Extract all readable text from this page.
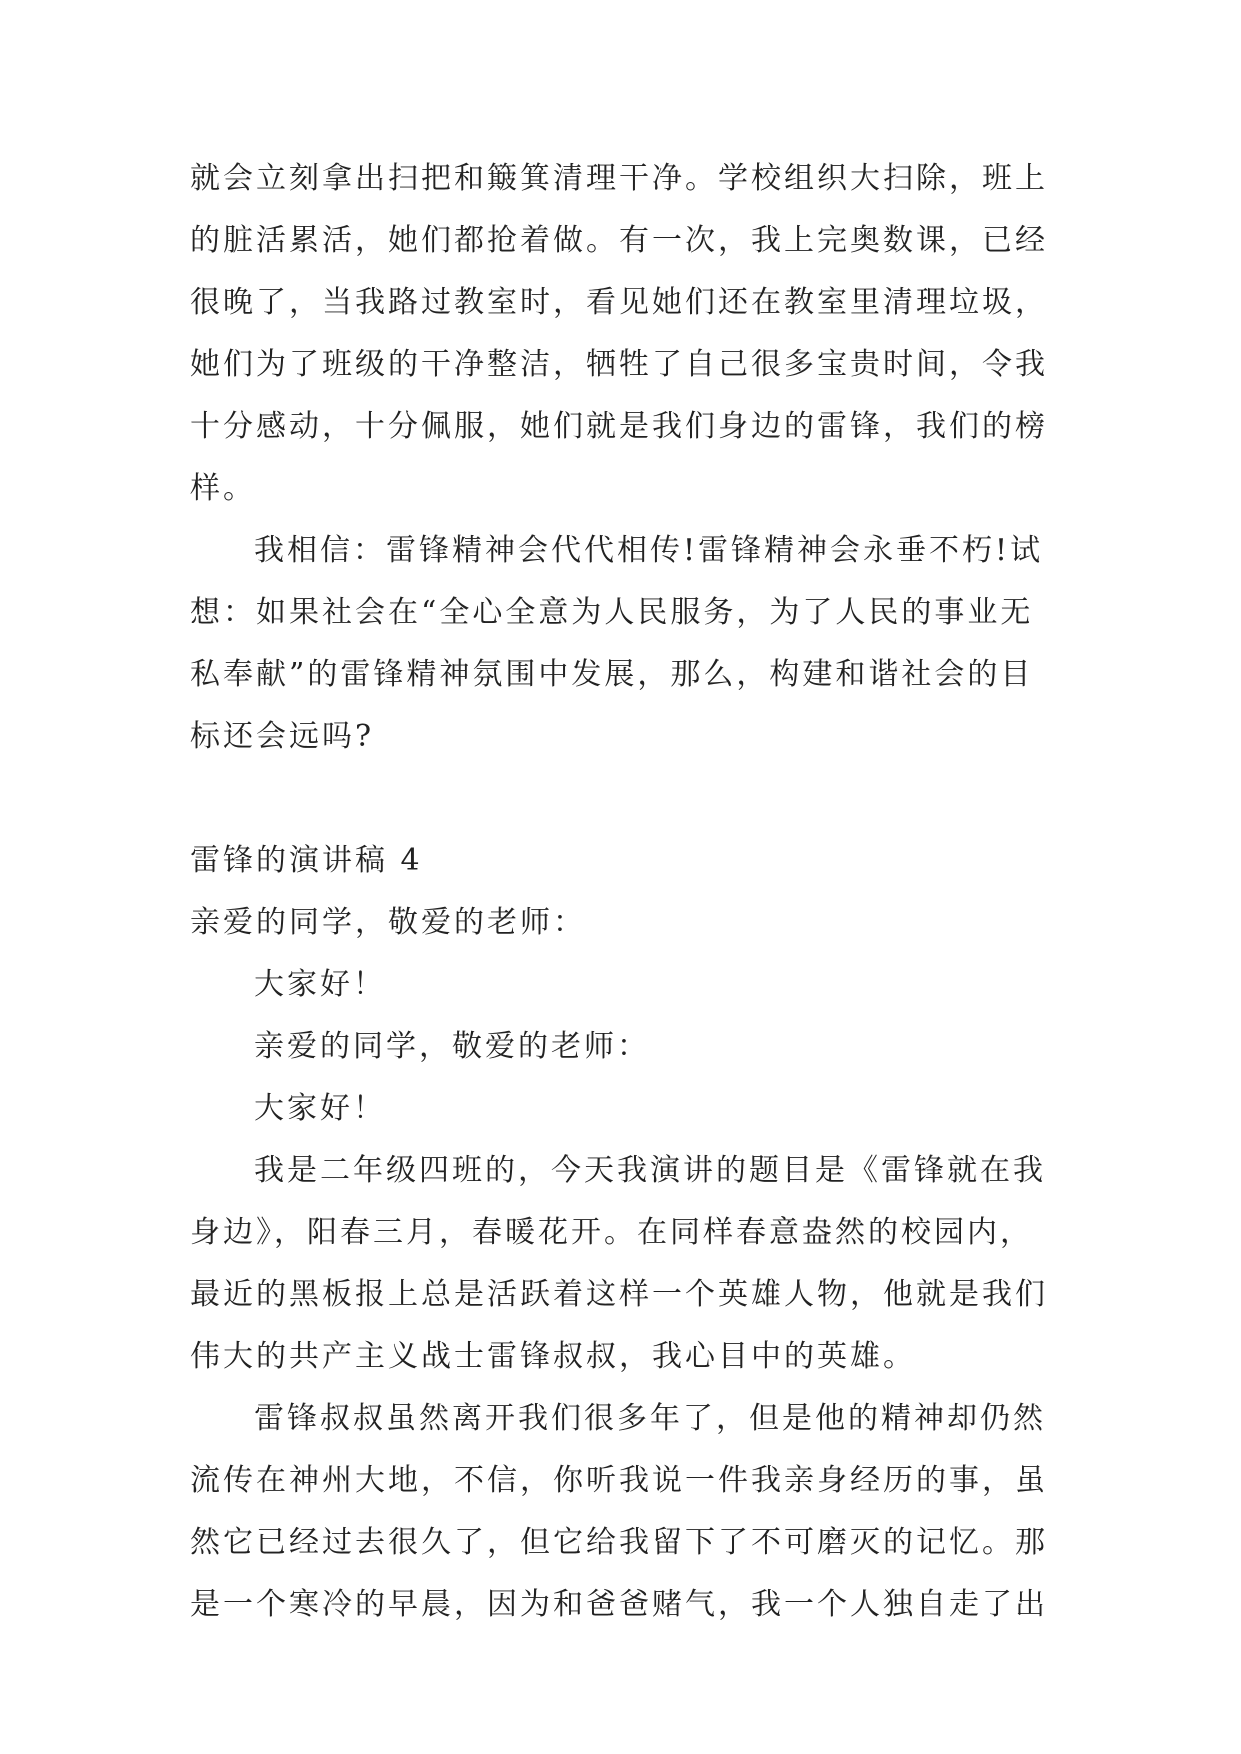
就会立刻拿出扫把和簸箕清理干净。学校组织大扫除，班上
的脏活累活，她们都抢着做。有一次，我上完奥数课，已经
很晚了，当我路过教室时，看见她们还在教室里清理垃圾，
她们为了班级的干净整洁，牺牲了自己很多宝贵时间，令我
十分感动，十分佩服，她们就是我们身边的雷锋，我们的榜
样。
我相信：雷锋精神会代代相传!雷锋精神会永垂不朽!试
想：如果社会在“全心全意为人民服务，为了人民的事业无
私奉献”的雷锋精神氛围中发展，那么，构建和谐社会的目
标还会远吗?
雷锋的演讲稿 4
亲爱的同学，敬爱的老师：
大家好！
亲爱的同学，敬爱的老师：
大家好！
我是二年级四班的，今天我演讲的题目是《雷锋就在我
身边》，阳春三月，春暖花开。在同样春意盎然的校园内，
最近的黑板报上总是活跃着这样一个英雄人物，他就是我们
伟大的共产主义战士雷锋叔叔，我心目中的英雄。
雷锋叔叔虽然离开我们很多年了，但是他的精神却仍然
流传在神州大地，不信，你听我说一件我亲身经历的事，虽
然它已经过去很久了，但它给我留下了不可磨灭的记忆。那
是一个寒冷的早晨，因为和爸爸赌气，我一个人独自走了出
